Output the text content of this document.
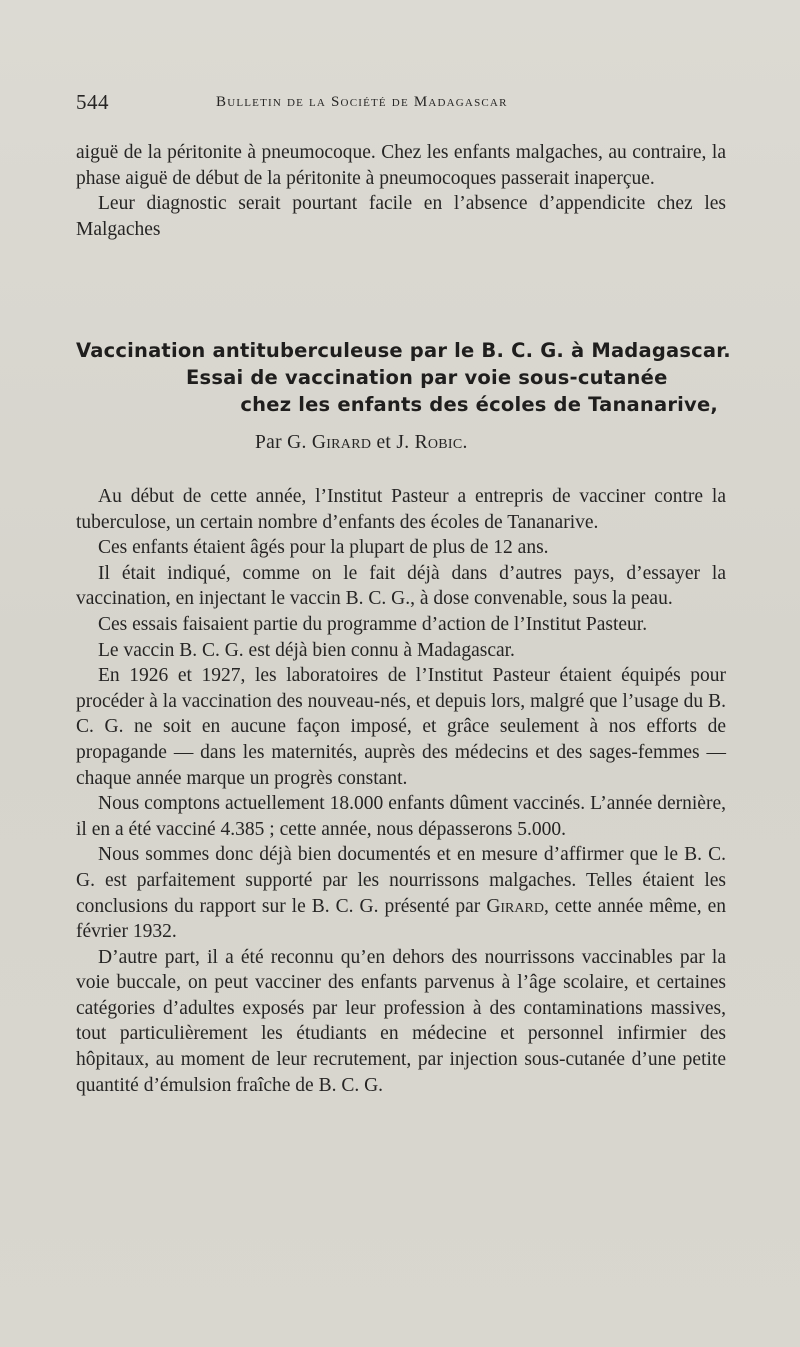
544	Bulletin de la Société de Madagascar

aiguë de la péritonite à pneumocoque. Chez les enfants malgaches, au contraire, la phase aiguë de début de la péritonite à pneumocoques passerait inaperçue.

Leur diagnostic serait pourtant facile en l’absence d’appendicite chez les Malgaches

Vaccination antituberculeuse par le B. C. G. à Madagascar.
Essai de vaccination par voie sous-cutanée
chez les enfants des écoles de Tananarive,
Par G. Girard et J. Robic.

Au début de cette année, l’Institut Pasteur a entrepris de vacciner contre la tuberculose, un certain nombre d’enfants des écoles de Tananarive.

Ces enfants étaient âgés pour la plupart de plus de 12 ans.

Il était indiqué, comme on le fait déjà dans d’autres pays, d’essayer la vaccination, en injectant le vaccin B. C. G., à dose convenable, sous la peau.

Ces essais faisaient partie du programme d’action de l’Institut Pasteur.

Le vaccin B. C. G. est déjà bien connu à Madagascar.

En 1926 et 1927, les laboratoires de l’Institut Pasteur étaient équipés pour procéder à la vaccination des nouveau-nés, et depuis lors, malgré que l’usage du B. C. G. ne soit en aucune façon imposé, et grâce seulement à nos efforts de propagande — dans les maternités, auprès des médecins et des sages-femmes — chaque année marque un progrès constant.

Nous comptons actuellement 18.000 enfants dûment vaccinés. L’année dernière, il en a été vacciné 4.385 ; cette année, nous dépasserons 5.000.

Nous sommes donc déjà bien documentés et en mesure d’affirmer que le B. C. G. est parfaitement supporté par les nourrissons malgaches. Telles étaient les conclusions du rapport sur le B. C. G. présenté par Girard, cette année même, en février 1932.

D’autre part, il a été reconnu qu’en dehors des nourrissons vaccinables par la voie buccale, on peut vacciner des enfants parvenus à l’âge scolaire, et certaines catégories d’adultes exposés par leur profession à des contaminations massives, tout particulièrement les étudiants en médecine et personnel infirmier des hôpitaux, au moment de leur recrutement, par injection sous-cutanée d’une petite quantité d’émulsion fraîche de B. C. G.
